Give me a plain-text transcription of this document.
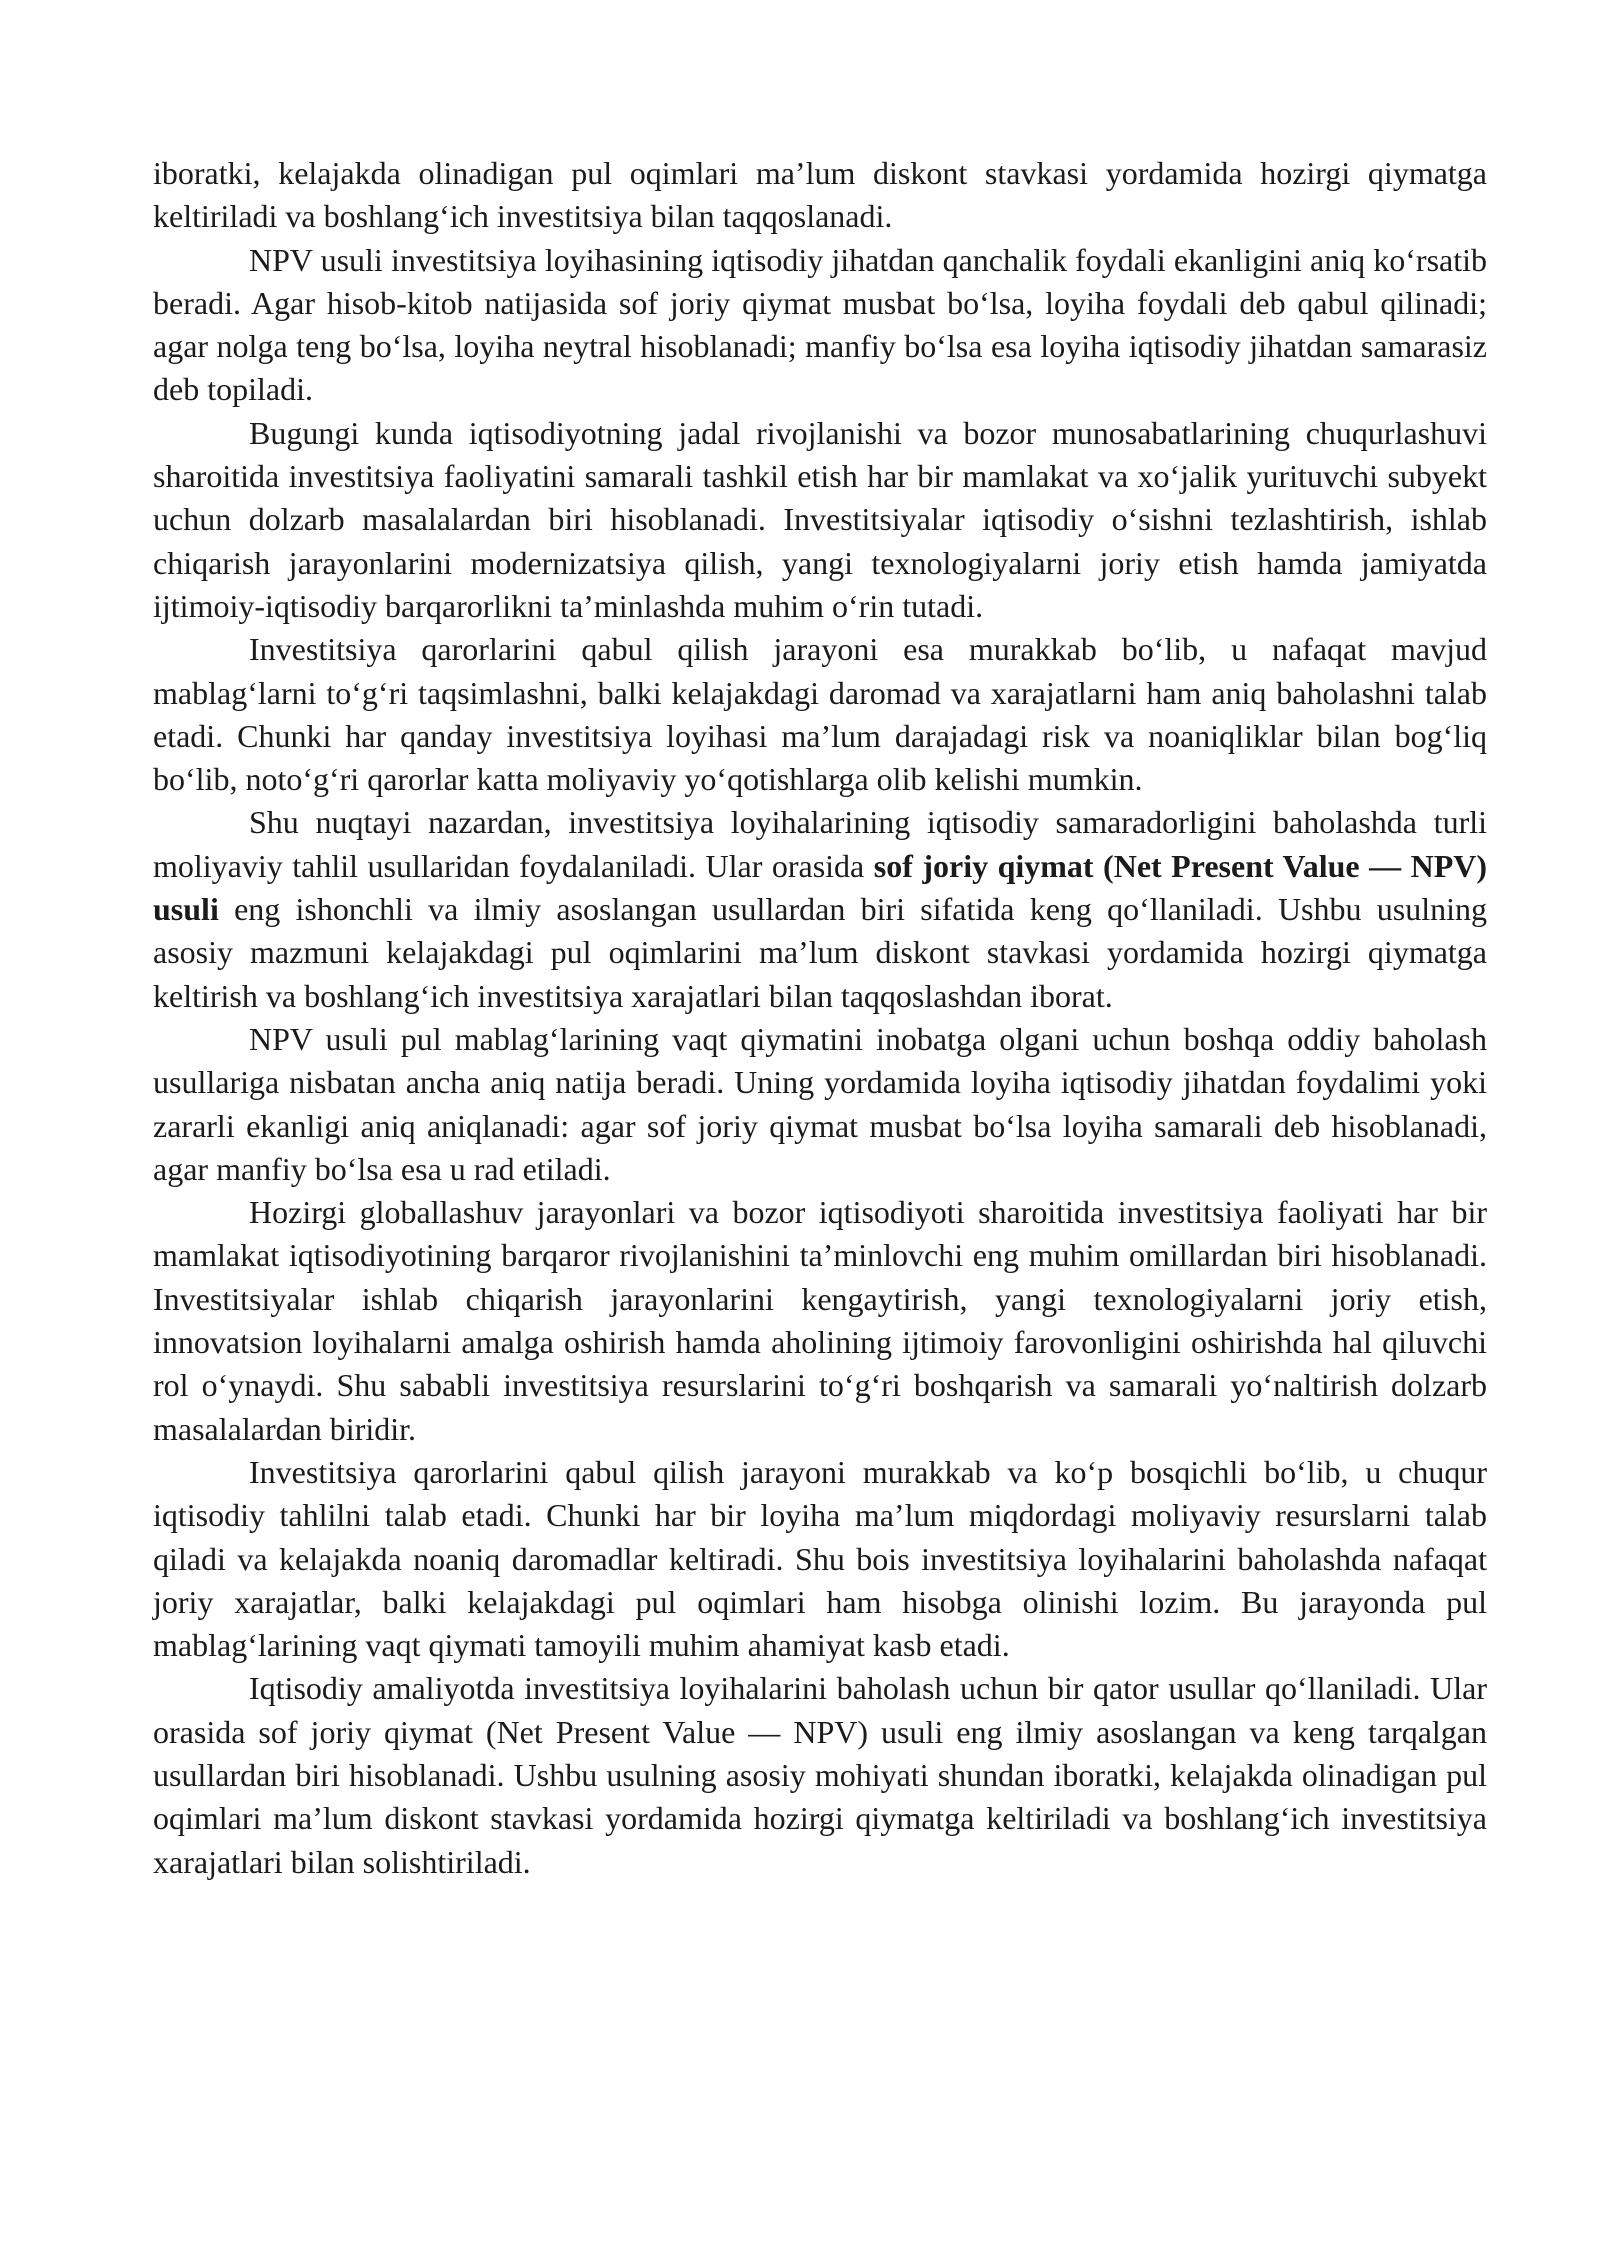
iboratki, kelajakda olinadigan pul oqimlari ma’lum diskont stavkasi yordamida hozirgi qiymatga keltiriladi va boshlang‘ich investitsiya bilan taqqoslanadi.

NPV usuli investitsiya loyihasining iqtisodiy jihatdan qanchalik foydali ekanligini aniq ko‘rsatib beradi. Agar hisob-kitob natijasida sof joriy qiymat musbat bo‘lsa, loyiha foydali deb qabul qilinadi; agar nolga teng bo‘lsa, loyiha neytral hisoblanadi; manfiy bo‘lsa esa loyiha iqtisodiy jihatdan samarasiz deb topiladi.

Bugungi kunda iqtisodiyotning jadal rivojlanishi va bozor munosabatlarining chuqurlashuvi sharoitida investitsiya faoliyatini samarali tashkil etish har bir mamlakat va xo‘jalik yurituvchi subyekt uchun dolzarb masalalardan biri hisoblanadi. Investitsiyalar iqtisodiy o‘sishni tezlashtirish, ishlab chiqarish jarayonlarini modernizatsiya qilish, yangi texnologiyalarni joriy etish hamda jamiyatda ijtimoiy-iqtisodiy barqarorlikni ta’minlashda muhim o‘rin tutadi.

Investitsiya qarorlarini qabul qilish jarayoni esa murakkab bo‘lib, u nafaqat mavjud mablag‘larni to‘g‘ri taqsimlashni, balki kelajakdagi daromad va xarajatlarni ham aniq baholashni talab etadi. Chunki har qanday investitsiya loyihasi ma’lum darajadagi risk va noaniqliklar bilan bog‘liq bo‘lib, noto‘g‘ri qarorlar katta moliyaviy yo‘qotishlarga olib kelishi mumkin.

Shu nuqtayi nazardan, investitsiya loyihalarining iqtisodiy samaradorligini baholashda turli moliyaviy tahlil usullaridan foydalaniladi. Ular orasida sof joriy qiymat (Net Present Value — NPV) usuli eng ishonchli va ilmiy asoslangan usullardan biri sifatida keng qo‘llaniladi. Ushbu usulning asosiy mazmuni kelajakdagi pul oqimlarini ma’lum diskont stavkasi yordamida hozirgi qiymatga keltirish va boshlang‘ich investitsiya xarajatlari bilan taqqoslashdan iborat.

NPV usuli pul mablag‘larining vaqt qiymatini inobatga olgani uchun boshqa oddiy baholash usullariga nisbatan ancha aniq natija beradi. Uning yordamida loyiha iqtisodiy jihatdan foydalimi yoki zararli ekanligi aniq aniqlanadi: agar sof joriy qiymat musbat bo‘lsa loyiha samarali deb hisoblanadi, agar manfiy bo‘lsa esa u rad etiladi.

Hozirgi globallashuv jarayonlari va bozor iqtisodiyoti sharoitida investitsiya faoliyati har bir mamlakat iqtisodiyotining barqaror rivojlanishini ta’minlovchi eng muhim omillardan biri hisoblanadi. Investitsiyalar ishlab chiqarish jarayonlarini kengaytirish, yangi texnologiyalarni joriy etish, innovatsion loyihalarni amalga oshirish hamda aholining ijtimoiy farovonligini oshirishda hal qiluvchi rol o‘ynaydi. Shu sababli investitsiya resurslarini to‘g‘ri boshqarish va samarali yo‘naltirish dolzarb masalalardan biridir.

Investitsiya qarorlarini qabul qilish jarayoni murakkab va ko‘p bosqichli bo‘lib, u chuqur iqtisodiy tahlilni talab etadi. Chunki har bir loyiha ma’lum miqdordagi moliyaviy resurslarni talab qiladi va kelajakda noaniq daromadlar keltiradi. Shu bois investitsiya loyihalarini baholashda nafaqat joriy xarajatlar, balki kelajakdagi pul oqimlari ham hisobga olinishi lozim. Bu jarayonda pul mablag‘larining vaqt qiymati tamoyili muhim ahamiyat kasb etadi.

Iqtisodiy amaliyotda investitsiya loyihalarini baholash uchun bir qator usullar qo‘llaniladi. Ular orasida sof joriy qiymat (Net Present Value — NPV) usuli eng ilmiy asoslangan va keng tarqalgan usullardan biri hisoblanadi. Ushbu usulning asosiy mohiyati shundan iboratki, kelajakda olinadigan pul oqimlari ma’lum diskont stavkasi yordamida hozirgi qiymatga keltiriladi va boshlang‘ich investitsiya xarajatlari bilan solishtiriladi.
